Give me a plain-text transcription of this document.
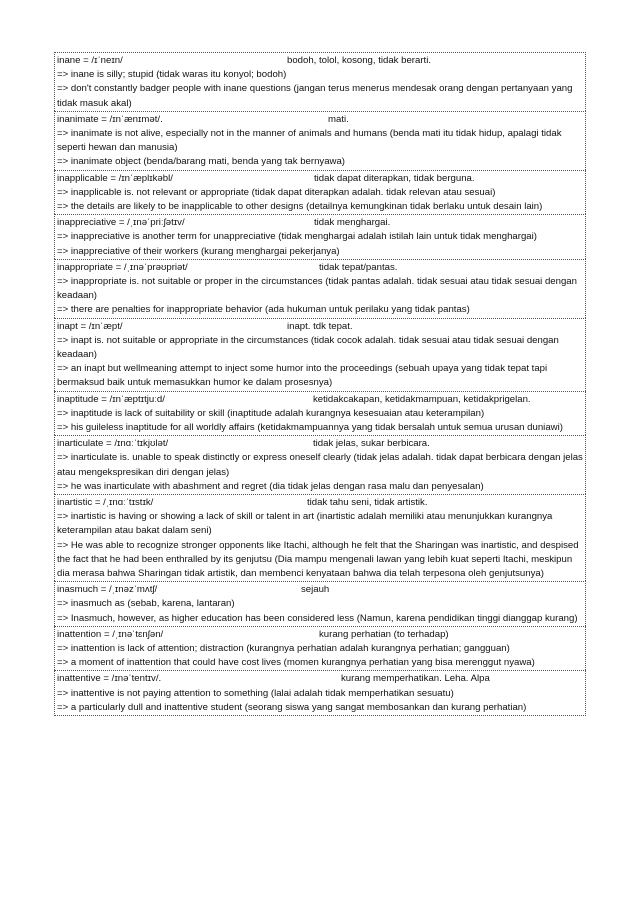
inane = /ɪˈneɪn/	bodoh, tolol, kosong, tidak berarti.
=> inane is silly; stupid (tidak waras itu konyol; bodoh)
=> don't constantly badger people with inane questions (jangan terus menerus mendesak orang dengan pertanyaan yang tidak masuk akal)
inanimate = /ɪnˈænɪmət/.	mati.
=> inanimate is not alive, especially not in the manner of animals and humans (benda mati itu tidak hidup, apalagi tidak seperti hewan dan manusia)
=> inanimate object (benda/barang mati, benda yang tak bernyawa)
inapplicable = /ɪnˈæplɪkəbl/	tidak dapat diterapkan, tidak berguna.
=> inapplicable is. not relevant or appropriate (tidak dapat diterapkan adalah. tidak relevan atau sesuai)
=> the details are likely to be inapplicable to other designs (detailnya kemungkinan tidak berlaku untuk desain lain)
inappreciative = /ˌɪnəˈpriːʃətɪv/	tidak menghargai.
=> inappreciative is another term for unappreciative (tidak menghargai adalah istilah lain untuk tidak menghargai)
=> inappreciative of their workers (kurang menghargai pekerjanya)
inappropriate = /ˌɪnəˈprəʊpriət/	tidak tepat/pantas.
=> inappropriate is. not suitable or proper in the circumstances (tidak pantas adalah. tidak sesuai atau tidak sesuai dengan keadaan)
=> there are penalties for inappropriate behavior (ada hukuman untuk perilaku yang tidak pantas)
inapt = /ɪnˈæpt/	inapt. tdk tepat.
=> inapt is. not suitable or appropriate in the circumstances (tidak cocok adalah. tidak sesuai atau tidak sesuai dengan keadaan)
=> an inapt but wellmeaning attempt to inject some humor into the proceedings (sebuah upaya yang tidak tepat tapi bermaksud baik untuk memasukkan humor ke dalam prosesnya)
inaptitude = /ɪnˈæptɪtjuːd/	ketidakcakapan, ketidakmampuan, ketidakprigelan.
=> inaptitude is lack of suitability or skill (inaptitude adalah kurangnya kesesuaian atau keterampilan)
=> his guileless inaptitude for all worldly affairs (ketidakmampuannya yang tidak bersalah untuk semua urusan duniawi)
inarticulate = /ɪnɑːˈtɪkjʊlət/	tidak jelas, sukar berbicara.
=> inarticulate is. unable to speak distinctly or express oneself clearly (tidak jelas adalah. tidak dapat berbicara dengan jelas atau mengekspresikan diri dengan jelas)
=> he was inarticulate with abashment and regret (dia tidak jelas dengan rasa malu dan penyesalan)
inartistic = /ˌɪnɑːˈtɪstɪk/	tidak tahu seni, tidak artistik.
=> inartistic is having or showing a lack of skill or talent in art (inartistic adalah memiliki atau menunjukkan kurangnya keterampilan atau bakat dalam seni)
=> He was able to recognize stronger opponents like Itachi, although he felt that the Sharingan was inartistic, and despised the fact that he had been enthralled by its genjutsu (Dia mampu mengenali lawan yang lebih kuat seperti Itachi, meskipun dia merasa bahwa Sharingan tidak artistik, dan membenci kenyataan bahwa dia telah terpesona oleh genjutsunya)
inasmuch = /ˌɪnəzˈmʌtʃ/	sejauh
=> inasmuch as (sebab, karena, lantaran)
=> Inasmuch, however, as higher education has been considered less (Namun, karena pendidikan tinggi dianggap kurang)
inattention = /ˌɪnəˈtɛnʃən/	kurang perhatian (to terhadap)
=> inattention is lack of attention; distraction (kurangnya perhatian adalah kurangnya perhatian; gangguan)
=> a moment of inattention that could have cost lives (momen kurangnya perhatian yang bisa merenggut nyawa)
inattentive = /ɪnəˈtentɪv/.	kurang memperhatikan. Leha. Alpa
=> inattentive is not paying attention to something (lalai adalah tidak memperhatikan sesuatu)
=> a particularly dull and inattentive student (seorang siswa yang sangat membosankan dan kurang perhatian)
